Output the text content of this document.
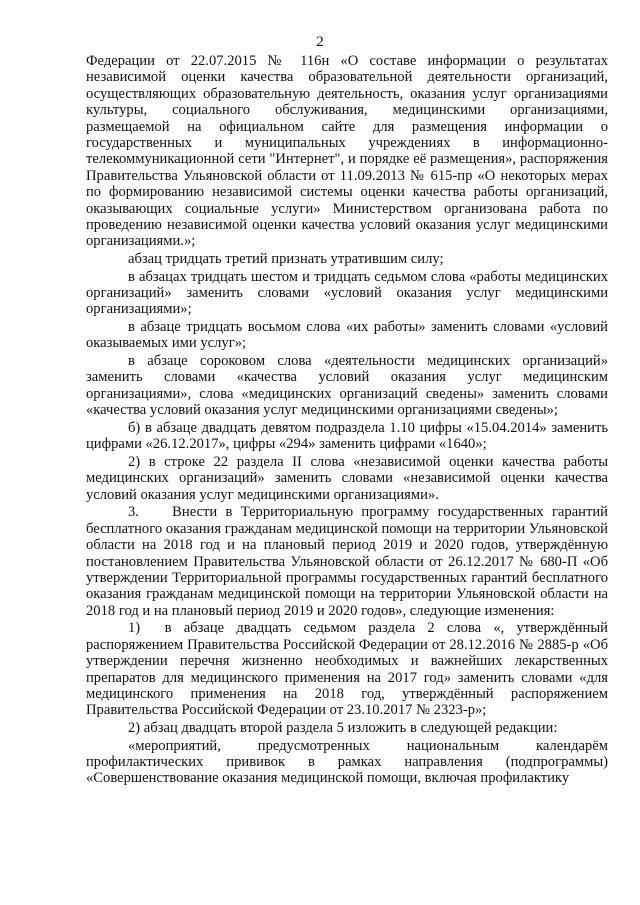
2

Федерации от 22.07.2015 № 116н «О составе информации о результатах независимой оценки качества образовательной деятельности организаций, осуществляющих образовательную деятельность, оказания услуг организациями культуры, социального обслуживания, медицинскими организациями, размещаемой на официальном сайте для размещения информации о государственных и муниципальных учреждениях в информационно-телекоммуникационной сети "Интернет", и порядке её размещения», распоряжения Правительства Ульяновской области от 11.09.2013 № 615-пр «О некоторых мерах по формированию независимой системы оценки качества работы организаций, оказывающих социальные услуги» Министерством организована работа по проведению независимой оценки качества условий оказания услуг медицинскими организациями.»;

абзац тридцать третий признать утратившим силу;

в абзацах тридцать шестом и тридцать седьмом слова «работы медицинских организаций» заменить словами «условий оказания услуг медицинскими организациями»;

в абзаце тридцать восьмом слова «их работы» заменить словами «условий оказываемых ими услуг»;

в абзаце сороковом слова «деятельности медицинских организаций» заменить словами «качества условий оказания услуг медицинским организациями», слова «медицинских организаций сведены» заменить словами «качества условий оказания услуг медицинскими организациями сведены»;

б) в абзаце двадцать девятом подраздела 1.10 цифры «15.04.2014» заменить цифрами «26.12.2017», цифры «294» заменить цифрами «1640»;

2) в строке 22 раздела II слова «независимой оценки качества работы медицинских организаций» заменить словами «независимой оценки качества условий оказания услуг медицинскими организациями».

3.    Внести в Территориальную программу государственных гарантий бесплатного оказания гражданам медицинской помощи на территории Ульяновской области на 2018 год и на плановый период 2019 и 2020 годов, утверждённую постановлением Правительства Ульяновской области от 26.12.2017 № 680-П «Об утверждении Территориальной программы государственных гарантий бесплатного оказания гражданам медицинской помощи на территории Ульяновской области на 2018 год и на плановый период 2019 и 2020 годов», следующие изменения:

1)  в абзаце двадцать седьмом раздела 2 слова «, утверждённый распоряжением Правительства Российской Федерации от 28.12.2016 № 2885-р «Об утверждении перечня жизненно необходимых и важнейших лекарственных препаратов для медицинского применения на 2017 год» заменить словами «для медицинского применения на 2018 год, утверждённый распоряжением Правительства Российской Федерации от 23.10.2017 № 2323-р»;

2) абзац двадцать второй раздела 5 изложить в следующей редакции:

«мероприятий, предусмотренных национальным календарём профилактических прививок в рамках направления (подпрограммы) «Совершенствование оказания медицинской помощи, включая профилактику
